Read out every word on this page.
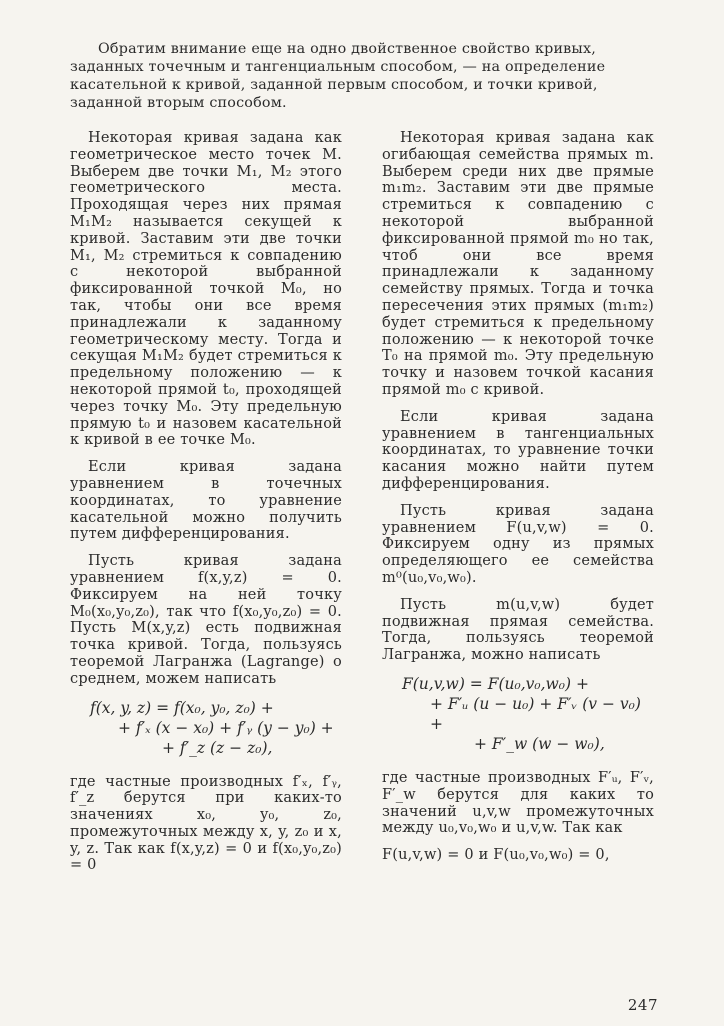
Обратим внимание еще на одно двойственное свойство кривых, заданных точечным и тангенциальным способом, — на определение касательной к кривой, заданной первым способом, и точки кривой, заданной вторым способом.

Некоторая кривая задана как геометрическое место точек M. Выберем две точки M₁, M₂ этого геометрического места. Проходящая через них прямая M₁M₂ называется секущей к кривой. Заставим эти две точки M₁, M₂ стремиться к совпадению с некоторой выбранной фиксированной точкой M₀, но так, чтобы они все время принадлежали к заданному геометрическому месту. Тогда и секущая M₁M₂ будет стремиться к предельному положению — к некоторой прямой t₀, проходящей через точку M₀. Эту предельную прямую t₀ и назовем касательной к кривой в ее точке M₀.

Если кривая задана уравнением в точечных координатах, то уравнение касательной можно получить путем дифференцирования.

Пусть кривая задана уравнением f(x,y,z) = 0. Фиксируем на ней точку M₀(x₀,y₀,z₀), так что f(x₀,y₀,z₀) = 0. Пусть M(x,y,z) есть подвижная точка кривой. Тогда, пользуясь теоремой Лагранжа (Lagrange) о среднем, можем написать

f(x, y, z) = f(x₀, y₀, z₀) +
+ f′ₓ (x − x₀) + f′ᵧ (y − y₀) +
+ f′_z (z − z₀),

где частные производных f′ₓ, f′ᵧ, f′_z берутся при каких-то значениях x₀, y₀, z₀, промежуточных между x, y, z₀ и x, y, z. Так как f(x,y,z) = 0 и f(x₀,y₀,z₀) = 0

Некоторая кривая задана как огибающая семейства прямых m. Выберем среди них две прямые m₁m₂. Заставим эти две прямые стремиться к совпадению с некоторой выбранной фиксированной прямой m₀ но так, чтоб они все время принадлежали к заданному семейству прямых. Тогда и точка пересечения этих прямых (m₁m₂) будет стремиться к предельному положению — к некоторой точке T₀ на прямой m₀. Эту предельную точку и назовем точкой касания прямой m₀ с кривой.

Если кривая задана уравнением в тангенциальных координатах, то уравнение точки касания можно найти путем дифференцирования.

Пусть кривая задана уравнением F(u,v,w) = 0. Фиксируем одну из прямых определяющего ее семейства m⁰(u₀,v₀,w₀).

Пусть m(u,v,w) будет подвижная прямая семейства. Тогда, пользуясь теоремой Лагранжа, можно написать

F(u,v,w) = F(u₀,v₀,w₀) +
+ F′ᵤ (u − u₀) + F′ᵥ (v − v₀) +
+ F′_w (w − w₀),

где частные производных F′ᵤ, F′ᵥ, F′_w берутся для каких то значений u,v,w промежуточных между u₀,v₀,w₀ и u,v,w. Так как

F(u,v,w) = 0 и F(u₀,v₀,w₀) = 0,

247
